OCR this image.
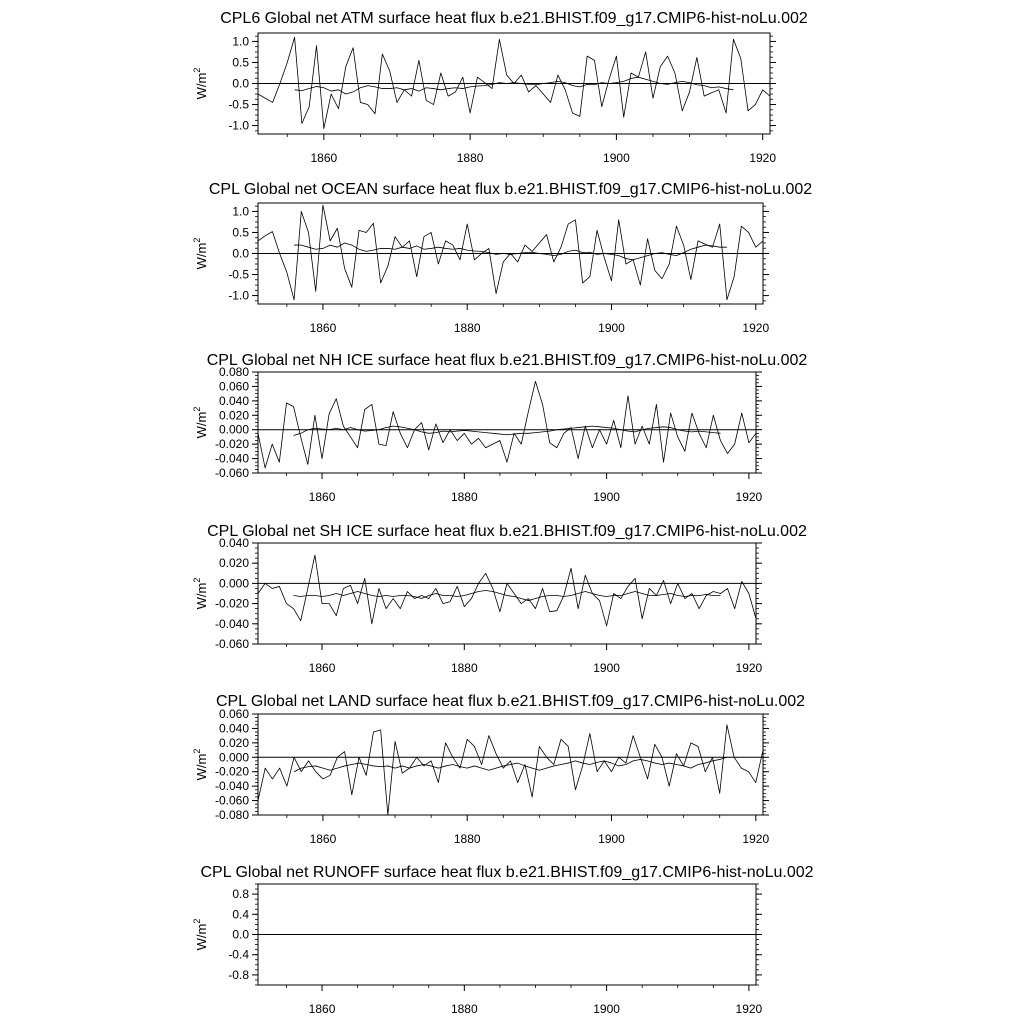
CPL6 Global net ATM surface heat flux b.e21.BHIST.f09_g17.CMIP6-hist-noLu.002
1.0
0.5
0.0
-0.5
-1.0
1860	1880	1900	1920
$W/m^2$
CPL Global net OCEAN surface heat flux b.e21.BHIST.f09_g17.CMIP6-hist-noLu.002
1.0
0.5
0.0
-0.5
-1.0
1860	1880	1900	1920
$W/m^2$
CPL Global net NH ICE surface heat flux b.e21.BHIST.f09_g17.CMIP6-hist-noLu.002
0.080
0.060
0.040
0.020
0.000
-0.020
-0.040
-0.060
1860	1880	1900	1920
$W/m^2$
CPL Global net SH ICE surface heat flux b.e21.BHIST.f09_g17.CMIP6-hist-noLu.002
0.040
0.020
0.000
-0.020
-0.040
-0.060
1860	1880	1900	1920
$W/m^2$
CPL Global net LAND surface heat flux b.e21.BHIST.f09_g17.CMIP6-hist-noLu.002
0.060
0.040
0.020
0.000
-0.020
-0.040
-0.060
-0.080
1860	1880	1900	1920
$W/m^2$
CPL Global net RUNOFF surface heat flux b.e21.BHIST.f09_g17.CMIP6-hist-noLu.002
0.8
0.4
0.0
-0.4
-0.8
1860	1880	1900	1920
$W/m^2$
